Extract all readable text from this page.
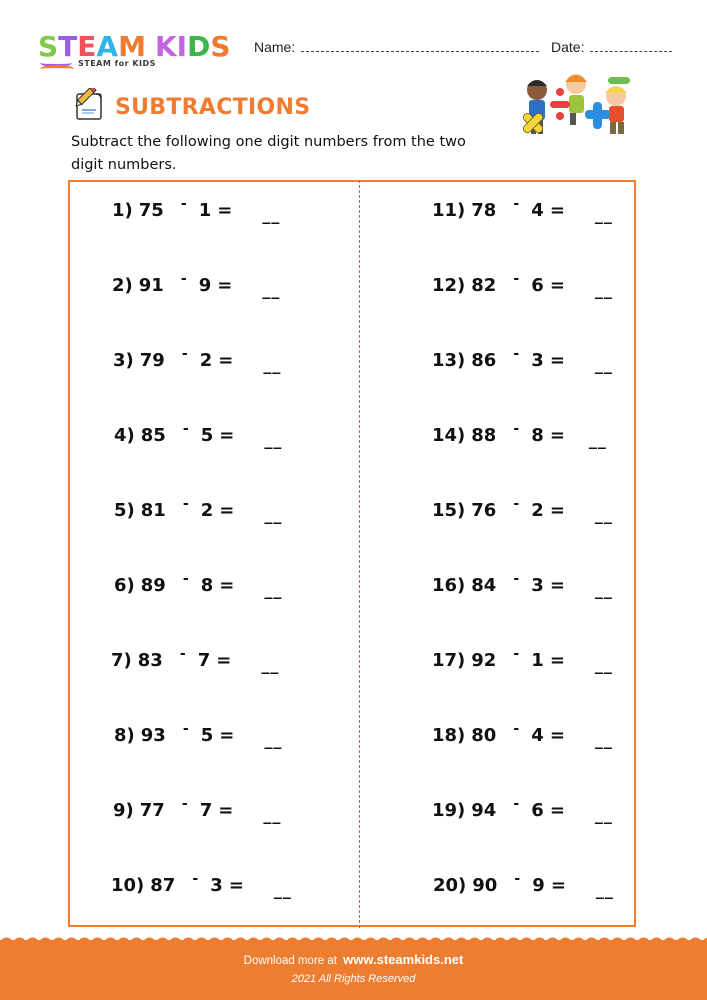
S T E A M K I D S
STEAM for KIDS
Name:	Date:
SUBTRACTIONS
Subtract the following one digit numbers from the two digit numbers.
1) 75	- 1 = __
2) 91	- 9 = __
3) 79	- 2 = __
4) 85	- 5 = __
5) 81	- 2 = __
6) 89	- 8 = __
7) 83	- 7 = __
8) 93	- 5 = __
9) 77	- 7 = __
10) 87	- 3 = __
11) 78	- 4 = __
12) 82	- 6 = __
13) 86	- 3 = __
14) 88	- 8 = __
15) 76	- 2 = __
16) 84	- 3 = __
17) 92	- 1 = __
18) 80	- 4 = __
19) 94	- 6 = __
20) 90	- 9 = __
Download more at www.steamkids.net
2021 All Rights Reserved
